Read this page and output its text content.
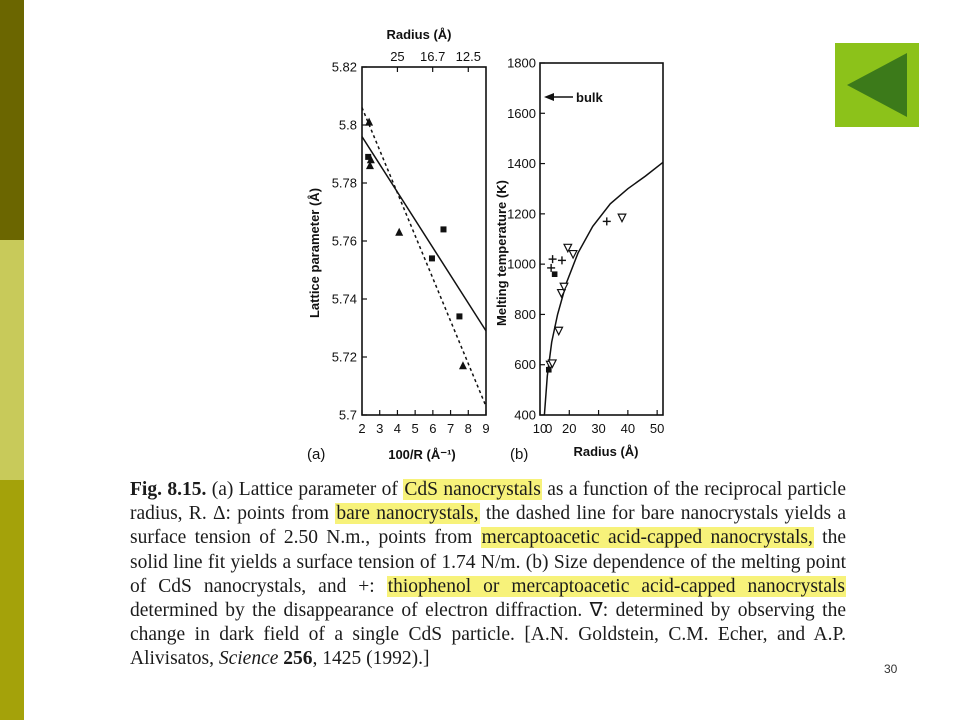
Radius (Å)
25 16.7 12.5
2 3 4 5 6 7 8 9
5.7
5.72
5.74
5.76
5.78
5.8
5.82
Lattice parameter (Å)
100/R (Å⁻¹)
(a)
10 20 30 40 50
0
400
600
800
1000
1200
1400
1600
1800
bulk
Melting temperature (K)
Radius (Å)
(b)
Fig. 8.15. (a) Lattice parameter of CdS nanocrystals as a function of the reciprocal particle radius, R. Δ: points from bare nanocrystals, the dashed line for bare nanocrystals yields a surface tension of 2.50 N.m., points from mercaptoacetic acid-capped nanocrystals, the solid line fit yields a surface tension of 1.74 N/m. (b) Size dependence of the melting point of CdS nanocrystals, and +: thiophenol or mercaptoacetic acid-capped nanocrystals determined by the disappearance of electron diffraction. ∇: determined by observing the change in dark field of a single CdS particle. [A.N. Goldstein, C.M. Echer, and A.P. Alivisatos, Science 256, 1425 (1992).]	30
